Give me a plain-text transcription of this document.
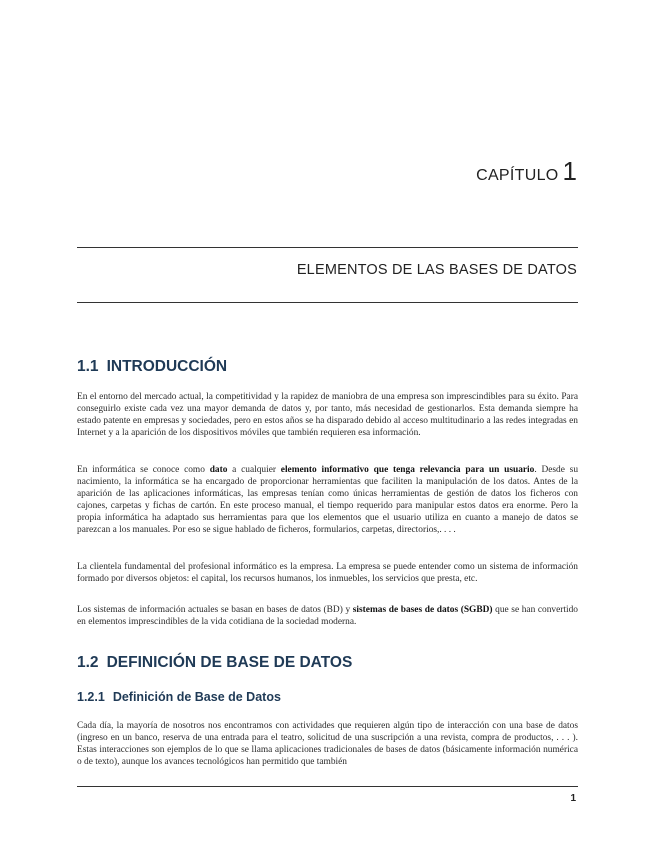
CAPÍTULO 1
ELEMENTOS DE LAS BASES DE DATOS
1.1 INTRODUCCIÓN

En el entorno del mercado actual, la competitividad y la rapidez de maniobra de una empresa son imprescindibles para su éxito. Para conseguirlo existe cada vez una mayor demanda de datos y, por tanto, más necesidad de gestionarlos. Esta demanda siempre ha estado patente en empresas y sociedades, pero en estos años se ha disparado debido al acceso multitudinario a las redes integradas en Internet y a la aparición de los dispositivos móviles que también requieren esa información.

En informática se conoce como dato a cualquier elemento informativo que tenga relevancia para un usuario. Desde su nacimiento, la informática se ha encargado de proporcionar herramientas que faciliten la manipulación de los datos. Antes de la aparición de las aplicaciones informáticas, las empresas tenían como únicas herramientas de gestión de datos los ficheros con cajones, carpetas y fichas de cartón. En este proceso manual, el tiempo requerido para manipular estos datos era enorme. Pero la propia informática ha adaptado sus herramientas para que los elementos que el usuario utiliza en cuanto a manejo de datos se parezcan a los manuales. Por eso se sigue hablado de ficheros, formularios, carpetas, directorios,. . . .

La clientela fundamental del profesional informático es la empresa. La empresa se puede entender como un sistema de información formado por diversos objetos: el capital, los recursos humanos, los inmuebles, los servicios que presta, etc.

Los sistemas de información actuales se basan en bases de datos (BD) y sistemas de bases de datos (SGBD) que se han convertido en elementos imprescindibles de la vida cotidiana de la sociedad moderna.

1.2 DEFINICIÓN DE BASE DE DATOS
1.2.1 Definición de Base de Datos

Cada día, la mayoría de nosotros nos encontramos con actividades que requieren algún tipo de interacción con una base de datos (ingreso en un banco, reserva de una entrada para el teatro, solicitud de una suscripción a una revista, compra de productos, . . . ). Estas interacciones son ejemplos de lo que se llama aplicaciones tradicionales de bases de datos (básicamente información numérica o de texto), aunque los avances tecnológicos han permitido que también

1
